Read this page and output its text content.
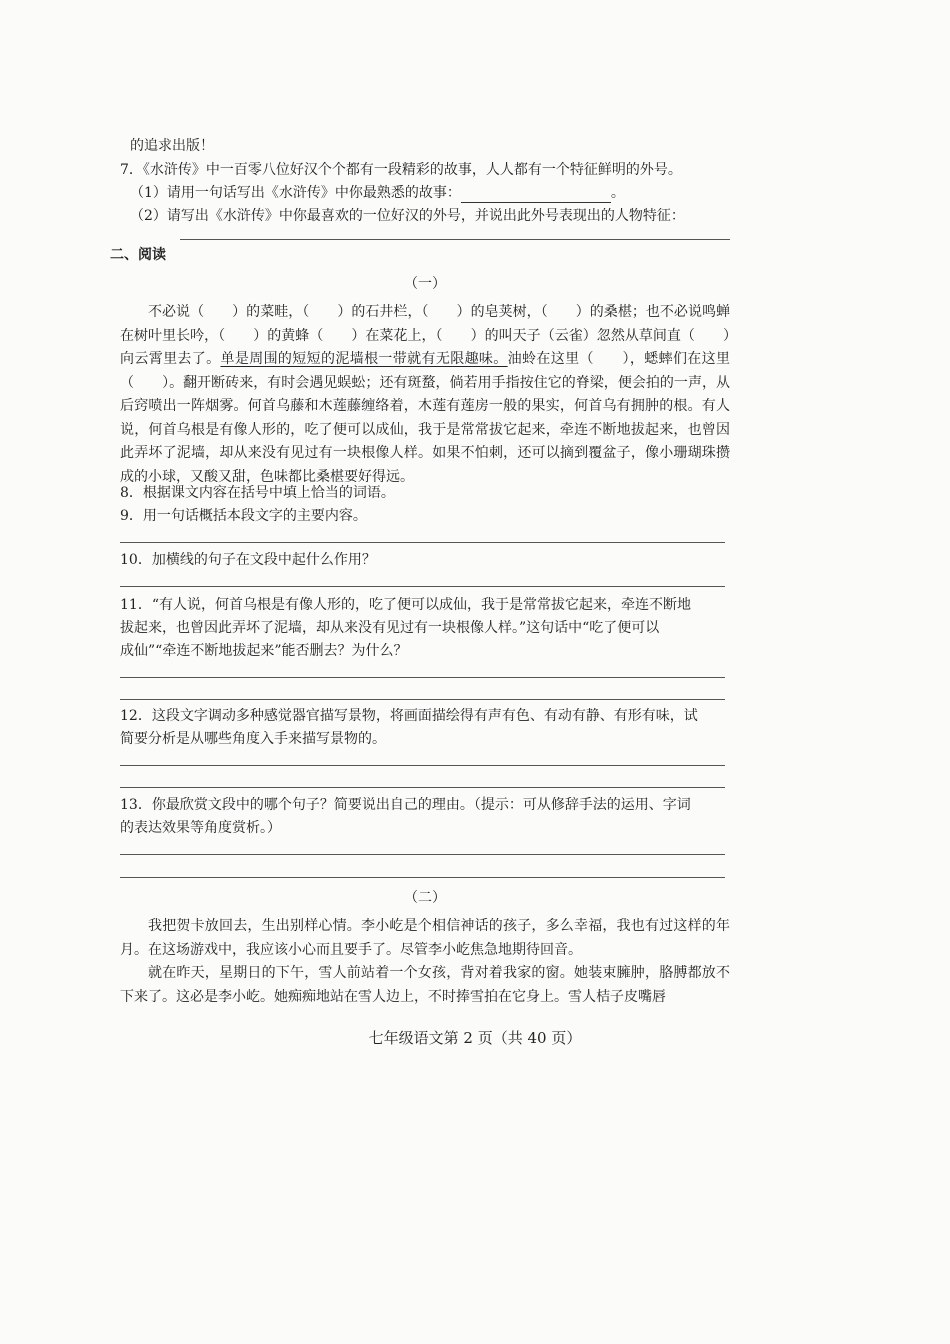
的追求出版！
7．《水浒传》中一百零八位好汉个个都有一段精彩的故事，人人都有一个特征鲜明的外号。
（1）请用一句话写出《水浒传》中你最熟悉的故事：	。
（2）请写出《水浒传》中你最喜欢的一位好汉的外号，并说出此外号表现出的人物特征：
二、阅读
（一）
不必说（　　）的菜畦，（　　）的石井栏，（　　）的皂荚树，（　　）的桑椹；也不必说鸣蝉在树叶里长吟，（　　）的黄蜂（　　）在菜花上，（　　）的叫天子（云雀）忽然从草间直（　　）向云霄里去了。单是周围的短短的泥墙根一带就有无限趣味。油蛉在这里（　　），蟋蟀们在这里（　　）。翻开断砖来，有时会遇见蜈蚣；还有斑蝥，倘若用手指按住它的脊梁，便会拍的一声，从后窍喷出一阵烟雾。何首乌藤和木莲藤缠络着，木莲有莲房一般的果实，何首乌有拥肿的根。有人说，何首乌根是有像人形的，吃了便可以成仙，我于是常常拔它起来，牵连不断地拔起来，也曾因此弄坏了泥墙，却从来没有见过有一块根像人样。如果不怕刺，还可以摘到覆盆子，像小珊瑚珠攒成的小球，又酸又甜，色味都比桑椹要好得远。
8．根据课文内容在括号中填上恰当的词语。
9．用一句话概括本段文字的主要内容。
10．加横线的句子在文段中起什么作用？
11．“有人说，何首乌根是有像人形的，吃了便可以成仙，我于是常常拔它起来，牵连不断地
拔起来，也曾因此弄坏了泥墙，却从来没有见过有一块根像人样。”这句话中“吃了便可以
成仙”“牵连不断地拔起来”能否删去？为什么？
12．这段文字调动多种感觉器官描写景物，将画面描绘得有声有色、有动有静、有形有味，试
简要分析是从哪些角度入手来描写景物的。
13．你最欣赏文段中的哪个句子？简要说出自己的理由。（提示：可从修辞手法的运用、字词
的表达效果等角度赏析。）
（二）
我把贺卡放回去，生出别样心情。李小屹是个相信神话的孩子，多么幸福，我也有过这样的年月。在这场游戏中，我应该小心而且要手了。尽管李小屹焦急地期待回音。
就在昨天，星期日的下午，雪人前站着一个女孩，背对着我家的窗。她装束臃肿，胳膊都放不下来了。这必是李小屹。她痴痴地站在雪人边上，不时捧雪拍在它身上。雪人桔子皮嘴唇
七年级语文第 2 页（共 40 页）
